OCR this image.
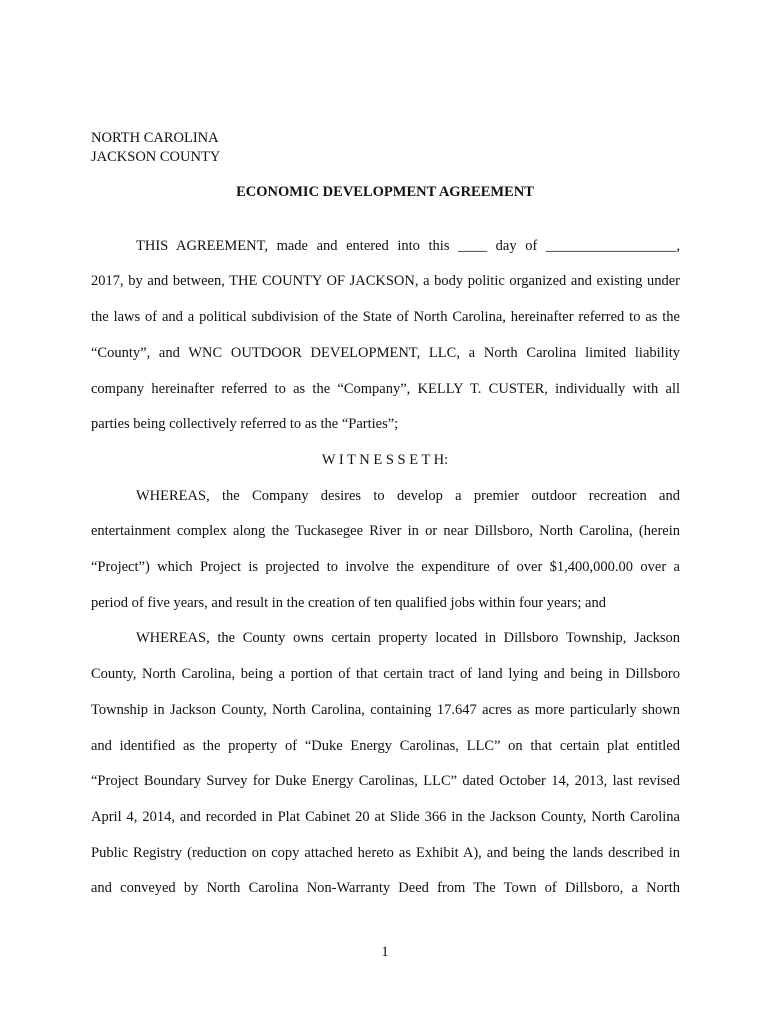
NORTH CAROLINA
JACKSON COUNTY
ECONOMIC DEVELOPMENT AGREEMENT
THIS AGREEMENT, made and entered into this ____ day of __________________,
2017, by and between, THE COUNTY OF JACKSON, a body politic organized and existing under
the laws of and a political subdivision of the State of North Carolina, hereinafter referred to as the
“County”, and WNC OUTDOOR DEVELOPMENT, LLC, a North Carolina limited liability
company hereinafter referred to as the “Company”, KELLY T. CUSTER, individually with all
parties being collectively referred to as the “Parties”;
W I T N E S S E T H:
WHEREAS, the Company desires to develop a premier outdoor recreation and
entertainment complex along the Tuckasegee River in or near Dillsboro, North Carolina, (herein
“Project”) which Project is projected to involve the expenditure of over $1,400,000.00 over a
period of five years, and result in the creation of ten qualified jobs within four years; and
WHEREAS, the County owns certain property located in Dillsboro Township, Jackson
County, North Carolina, being a portion of that certain tract of land lying and being in Dillsboro
Township in Jackson County, North Carolina, containing 17.647 acres as more particularly shown
and identified as the property of “Duke Energy Carolinas, LLC” on that certain plat entitled
“Project Boundary Survey for Duke Energy Carolinas, LLC” dated October 14, 2013, last revised
April 4, 2014, and recorded in Plat Cabinet 20 at Slide 366 in the Jackson County, North Carolina
Public Registry (reduction on copy attached hereto as Exhibit A), and being the lands described in
and conveyed by North Carolina Non-Warranty Deed from The Town of Dillsboro, a North
1
